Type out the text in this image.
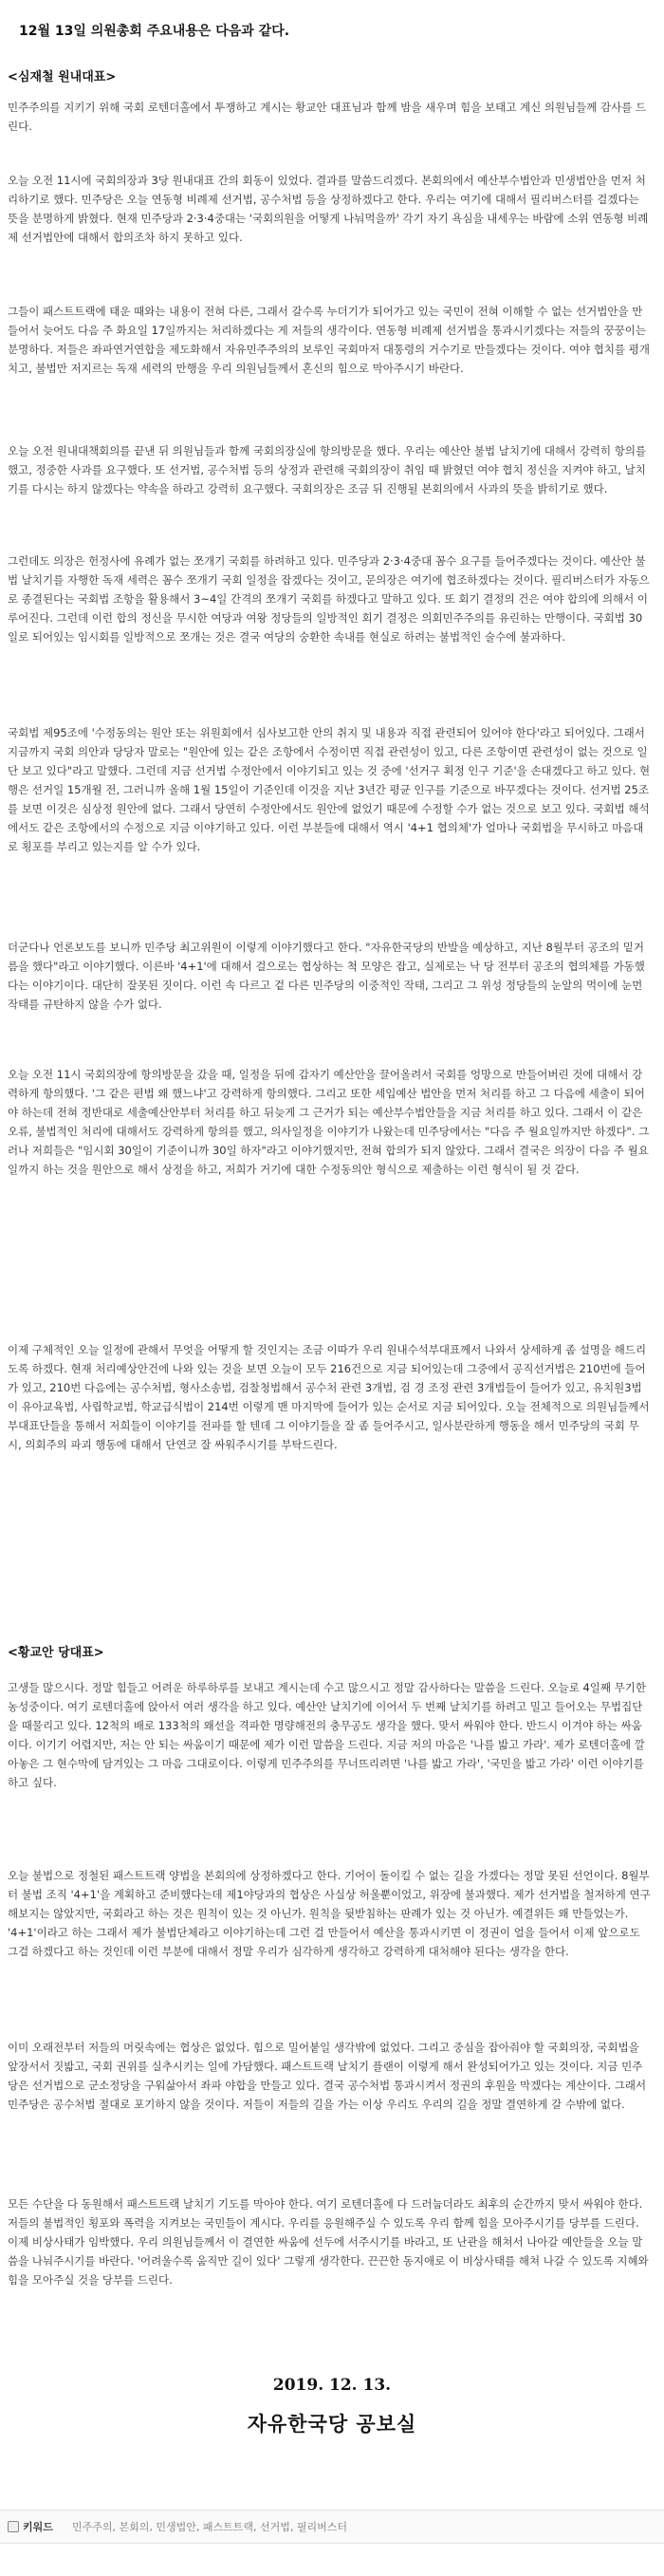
12월 13일 의원총회 주요내용은 다음과 같다.
<심재철 원내대표>

민주주의를 지키기 위해 국회 로텐더홀에서 투쟁하고 계시는 황교안 대표님과 함께 밤을 새우며 힘을 보태고 계신 의원님들께 감사를 드린다.

오늘 오전 11시에 국회의장과 3당 원내대표 간의 회동이 있었다. 결과를 말씀드리겠다. 본회의에서 예산부수법안과 민생법안을 먼저 처리하기로 했다. 민주당은 오늘 연동형 비례제 선거법, 공수처법 등을 상정하겠다고 한다. 우리는 여기에 대해서 필리버스터를 걸겠다는 뜻을 분명하게 밝혔다. 현재 민주당과 2·3·4중대는 '국회의원을 어떻게 나눠먹을까' 각기 자기 욕심을 내세우는 바람에 소위 연동형 비례제 선거법안에 대해서 합의조차 하지 못하고 있다.

그들이 패스트트랙에 태운 때와는 내용이 전혀 다른, 그래서 갈수록 누더기가 되어가고 있는 국민이 전혀 이해할 수 없는 선거법안을 만들어서 늦어도 다음 주 화요일 17일까지는 처리하겠다는 게 저들의 생각이다. 연동형 비례제 선거법을 통과시키겠다는 저들의 꿍꿍이는 분명하다. 저들은 좌파연거연합을 제도화해서 자유민주주의의 보루인 국회마저 대통령의 거수기로 만들겠다는 것이다. 여야 협치를 평개치고, 불법만 저지르는 독재 세력의 만행을 우리 의원님들께서 혼신의 힘으로 막아주시기 바란다.

오늘 오전 원내대책회의를 끝낸 뒤 의원님들과 함께 국회의장실에 항의방문을 했다. 우리는 예산안 불법 날치기에 대해서 강력히 항의를 했고, 정중한 사과를 요구했다. 또 선거법, 공수처법 등의 상정과 관련해 국회의장이 취임 때 밝혔던 여야 협치 정신을 지켜야 하고, 날치기를 다시는 하지 않겠다는 약속을 하라고 강력히 요구했다. 국회의장은 조금 뒤 진행될 본회의에서 사과의 뜻을 밝히기로 했다.

그런데도 의장은 헌정사에 유례가 없는 쪼개기 국회를 하려하고 있다. 민주당과 2·3·4중대 꼼수 요구를 들어주겠다는 것이다. 예산안 불법 날치기를 자행한 독재 세력은 꼼수 쪼개기 국회 일정을 잡겠다는 것이고, 문의장은 여기에 협조하겠다는 것이다. 필리버스터가 자동으로 종결된다는 국회법 조항을 활용해서 3~4일 간격의 쪼개기 국회를 하겠다고 말하고 있다. 또 회기 결정의 건은 여야 합의에 의해서 이루어진다. 그런데 이런 합의 정신을 무시한 여당과 여왕 정당들의 일방적인 회기 결정은 의회민주주의를 유린하는 만행이다. 국회법 30일로 되어있는 임시회를 일방적으로 쪼개는 것은 결국 여당의 숭환한 속내를 현실로 하려는 불법적인 술수에 불과하다.

국회법 제95조에 '수정동의는 원안 또는 위원회에서 심사보고한 안의 취지 및 내용과 직접 관련되어 있어야 한다'라고 되어있다. 그래서 지금까지 국회 의안과 당당자 말로는 "원안에 있는 같은 조항에서 수정이면 직접 관련성이 있고, 다른 조항이면 관련성이 없는 것으로 일단 보고 있다"라고 말했다. 그런데 지금 선거법 수정안에서 이야기되고 있는 것 중에 '선거구 획정 인구 기준'을 손대겠다고 하고 있다. 현행은 선거일 15개월 전, 그러니까 올해 1월 15일이 기준인데 이것을 지난 3년간 평균 인구를 기준으로 바꾸겠다는 것이다. 선거법 25조를 보면 이것은 심상정 원안에 없다. 그래서 당연히 수정안에서도 원안에 없었기 때문에 수정할 수가 없는 것으로 보고 있다. 국회법 해석에서도 같은 조항에서의 수정으로 지금 이야기하고 있다. 이런 부분들에 대해서 역시 '4+1 협의체'가 얼마나 국회법을 무시하고 마음대로 횡포를 부리고 있는지를 알 수가 있다.

더군다나 언론보도를 보니까 민주당 최고위원이 이렇게 이야기했다고 한다. "자유한국당의 반발을 예상하고, 지난 8월부터 공조의 밑거름을 했다"라고 이야기했다. 이른바 '4+1'에 대해서 걸으로는 협상하는 척 모양은 잡고, 실제로는 낙 당 전부터 공조의 협의체를 가동했다는 이야기이다. 대단히 잘못된 짓이다. 이런 속 다르고 겉 다른 민주당의 이중적인 작태, 그리고 그 위성 정당들의 눈알의 먹이에 눈먼 작태를 규탄하지 않을 수가 없다.

오늘 오전 11시 국회의장에 항의방문을 갔을 때, 일정을 뒤에 갑자기 예산안을 끌어올려서 국회를 엉망으로 만들어버린 것에 대해서 강력하게 항의했다. '그 같은 편법 왜 했느냐'고 강력하게 항의했다. 그리고 또한 세입예산 법안을 먼저 처리를 하고 그 다음에 세출이 되어야 하는데 전혀 정반대로 세출예산안부터 처리를 하고 뒤늦게 그 근거가 되는 예산부수법안들을 지금 처리를 하고 있다. 그래서 이 같은 오류, 불법적인 처리에 대해서도 강력하게 항의를 했고, 의사일정을 이야기가 나왔는데 민주당에서는 "다음 주 월요일까지만 하겠다". 그러나 저희들은 "임시회 30일이 기준이니까 30일 하자"라고 이야기했지만, 전혀 합의가 되지 않았다. 그래서 결국은 의장이 다음 주 월요일까지 하는 것을 원안으로 해서 상정을 하고, 저희가 거기에 대한 수정동의안 형식으로 제출하는 이런 형식이 될 것 같다.

이제 구체적인 오늘 일정에 관해서 무엇을 어떻게 할 것인지는 조금 이따가 우리 원내수석부대표께서 나와서 상세하게 좀 설명을 해드리도록 하겠다. 현재 처리예상안건에 나와 있는 것을 보면 오늘이 모두 216건으로 지금 되어있는데 그중에서 공직선거법은 210번에 들어가 있고, 210번 다음에는 공수처법, 형사소송법, 검찰청법해서 공수처 관련 3개법, 검 경 조정 관련 3개법들이 들어가 있고, 유치원3법이 유아교육법, 사립학교법, 학교급식법이 214번 이렇게 맨 마지막에 들어가 있는 순서로 지금 되어있다. 오늘 전체적으로 의원님들께서 부대표단들을 통해서 저희들이 이야기를 전파를 할 텐데 그 이야기들을 잘 좀 들어주시고, 일사분란하게 행동을 해서 민주당의 국회 무시, 의회주의 파괴 행동에 대해서 단연코 잘 싸워주시기를 부탁드린다.

<황교안 당대표>

고생들 많으시다. 정말 힘들고 어려운 하루하루를 보내고 계시는데 수고 많으시고 정말 감사하다는 말씀을 드린다. 오늘로 4일째 무기한 농성중이다. 여기 로텐더홀에 앉아서 여러 생각을 하고 있다. 예산안 날치기에 이어서 두 번째 날치기를 하려고 밀고 들어오는 무법집단을 때물리고 있다. 12척의 배로 133척의 왜선을 격파한 명량해전의 충무공도 생각을 했다. 맞서 싸워야 한다. 반드시 이겨야 하는 싸움이다. 이기기 어렵지만, 저는 안 되는 싸움이기 때문에 제가 이런 말씀을 드린다. 지금 저의 마음은 '나를 밟고 가라'. 제가 로텐더홀에 깔아놓은 그 현수막에 담겨있는 그 마음 그대로이다. 이렇게 민주주의를 무너뜨리려면 '나를 밟고 가라', '국민을 밟고 가라' 이런 이야기를 하고 싶다.

오늘 불법으로 정철된 패스트트랙 양법을 본회의에 상정하겠다고 한다. 기어이 돌이킬 수 없는 길을 가겠다는 정말 못된 선언이다. 8월부터 불법 조직 '4+1'을 계획하고 준비했다는데 제1야당과의 협상은 사실상 허울뿐이었고, 위장에 불과했다. 제가 선거법을 철저하게 연구해보지는 않았지만, 국회라고 하는 것은 원칙이 있는 것 아닌가. 원칙을 뒷받침하는 판례가 있는 것 아닌가. 예결위든 왜 만들었는가. '4+1'이라고 하는 그래서 제가 불법단체라고 이야기하는데 그런 걸 만들어서 예산을 통과시키면 이 정권이 얼을 들어서 이제 앞으로도 그걸 하겠다고 하는 것인데 이런 부분에 대해서 정말 우리가 심각하게 생각하고 강력하게 대처해야 된다는 생각을 한다.

이미 오래전부터 저들의 머릿속에는 협상은 없었다. 힘으로 밀어붙일 생각밖에 없었다. 그리고 중심을 잡아줘야 할 국회의장, 국회법을 앞장서서 짓밟고, 국회 권위를 실추시키는 일에 가담했다. 패스트트랙 날치기 플랜이 이렇게 해서 완성되어가고 있는 것이다. 지금 민주당은 선거법으로 군소정당을 구워삶아서 좌파 야합을 만들고 있다. 결국 공수처법 통과시켜서 정권의 후원을 막겠다는 계산이다. 그래서 민주당은 공수처법 절대로 포기하지 않을 것이다. 저들이 저들의 길을 가는 이상 우리도 우리의 길을 정말 결연하게 갈 수밖에 없다.

모든 수단을 다 동원해서 패스트트랙 날치기 기도를 막아야 한다. 여기 로텐더홀에 다 드러눕더라도 최후의 순간까지 맞서 싸워야 한다. 저들의 불법적인 횡포와 폭력을 지켜보는 국민들이 계시다. 우리를 응원해주실 수 있도록 우리 함께 힘을 모아주시기를 당부를 드린다. 이제 비상사태가 임박했다. 우리 의원님들께서 이 결연한 싸움에 선두에 서주시기를 바라고, 또 난관을 해쳐서 나아갈 예안들을 오늘 말씀을 나눠주시기를 바란다. '어려울수록 움직만 길이 있다' 그렇게 생각한다. 끈끈한 동지애로 이 비상사태를 해쳐 나갈 수 있도록 지혜와 힘을 모아주실 것을 당부를 드린다.

2019. 12. 13.
자유한국당 공보실
키워드 민주주의, 본회의, 민생법안, 패스트트랙, 선거법, 필리버스터
